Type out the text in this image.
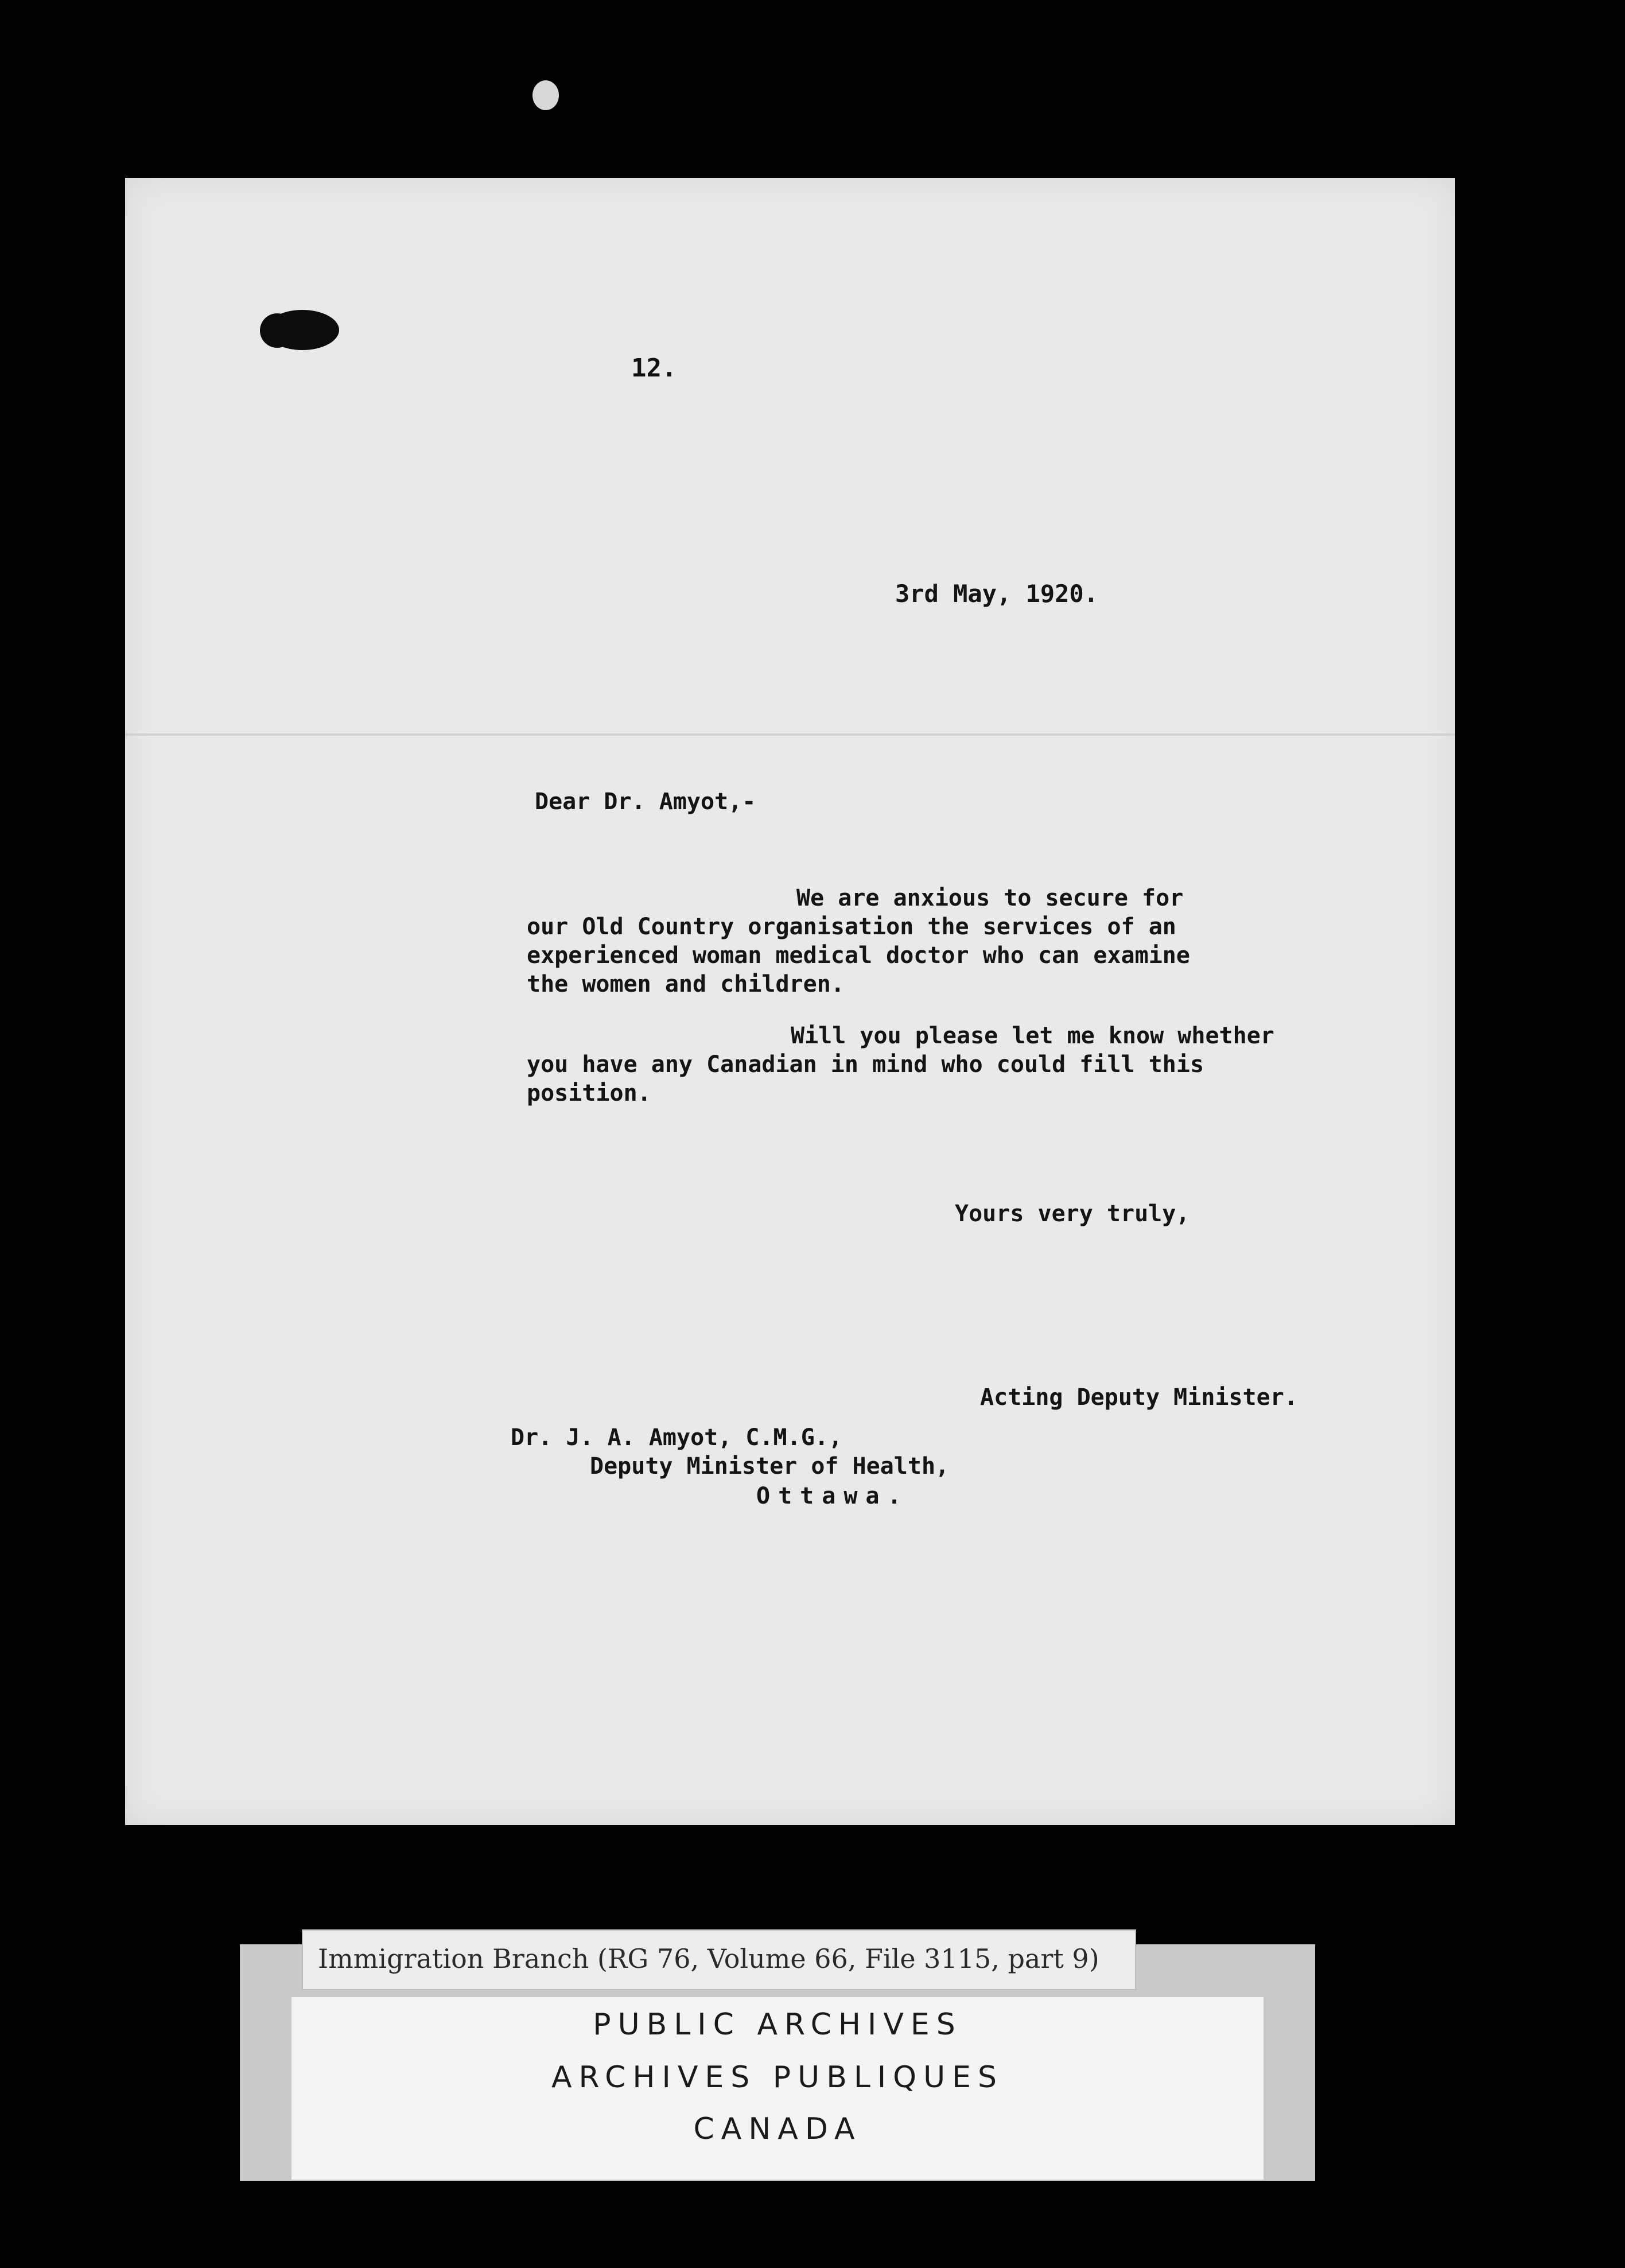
12.
3rd May, 1920.
Dear Dr. Amyot,-
We are anxious to secure for
our Old Country organisation the services of an
experienced woman medical doctor who can examine
the women and children.
Will you please let me know whether
you have any Canadian in mind who could fill this
position.
Yours very truly,
Acting Deputy Minister.
Dr. J. A. Amyot, C.M.G.,
Deputy Minister of Health,
Ottawa.
PUBLIC ARCHIVES
ARCHIVES PUBLIQUES
CANADA
Immigration Branch (RG 76, Volume 66, File 3115, part 9)
